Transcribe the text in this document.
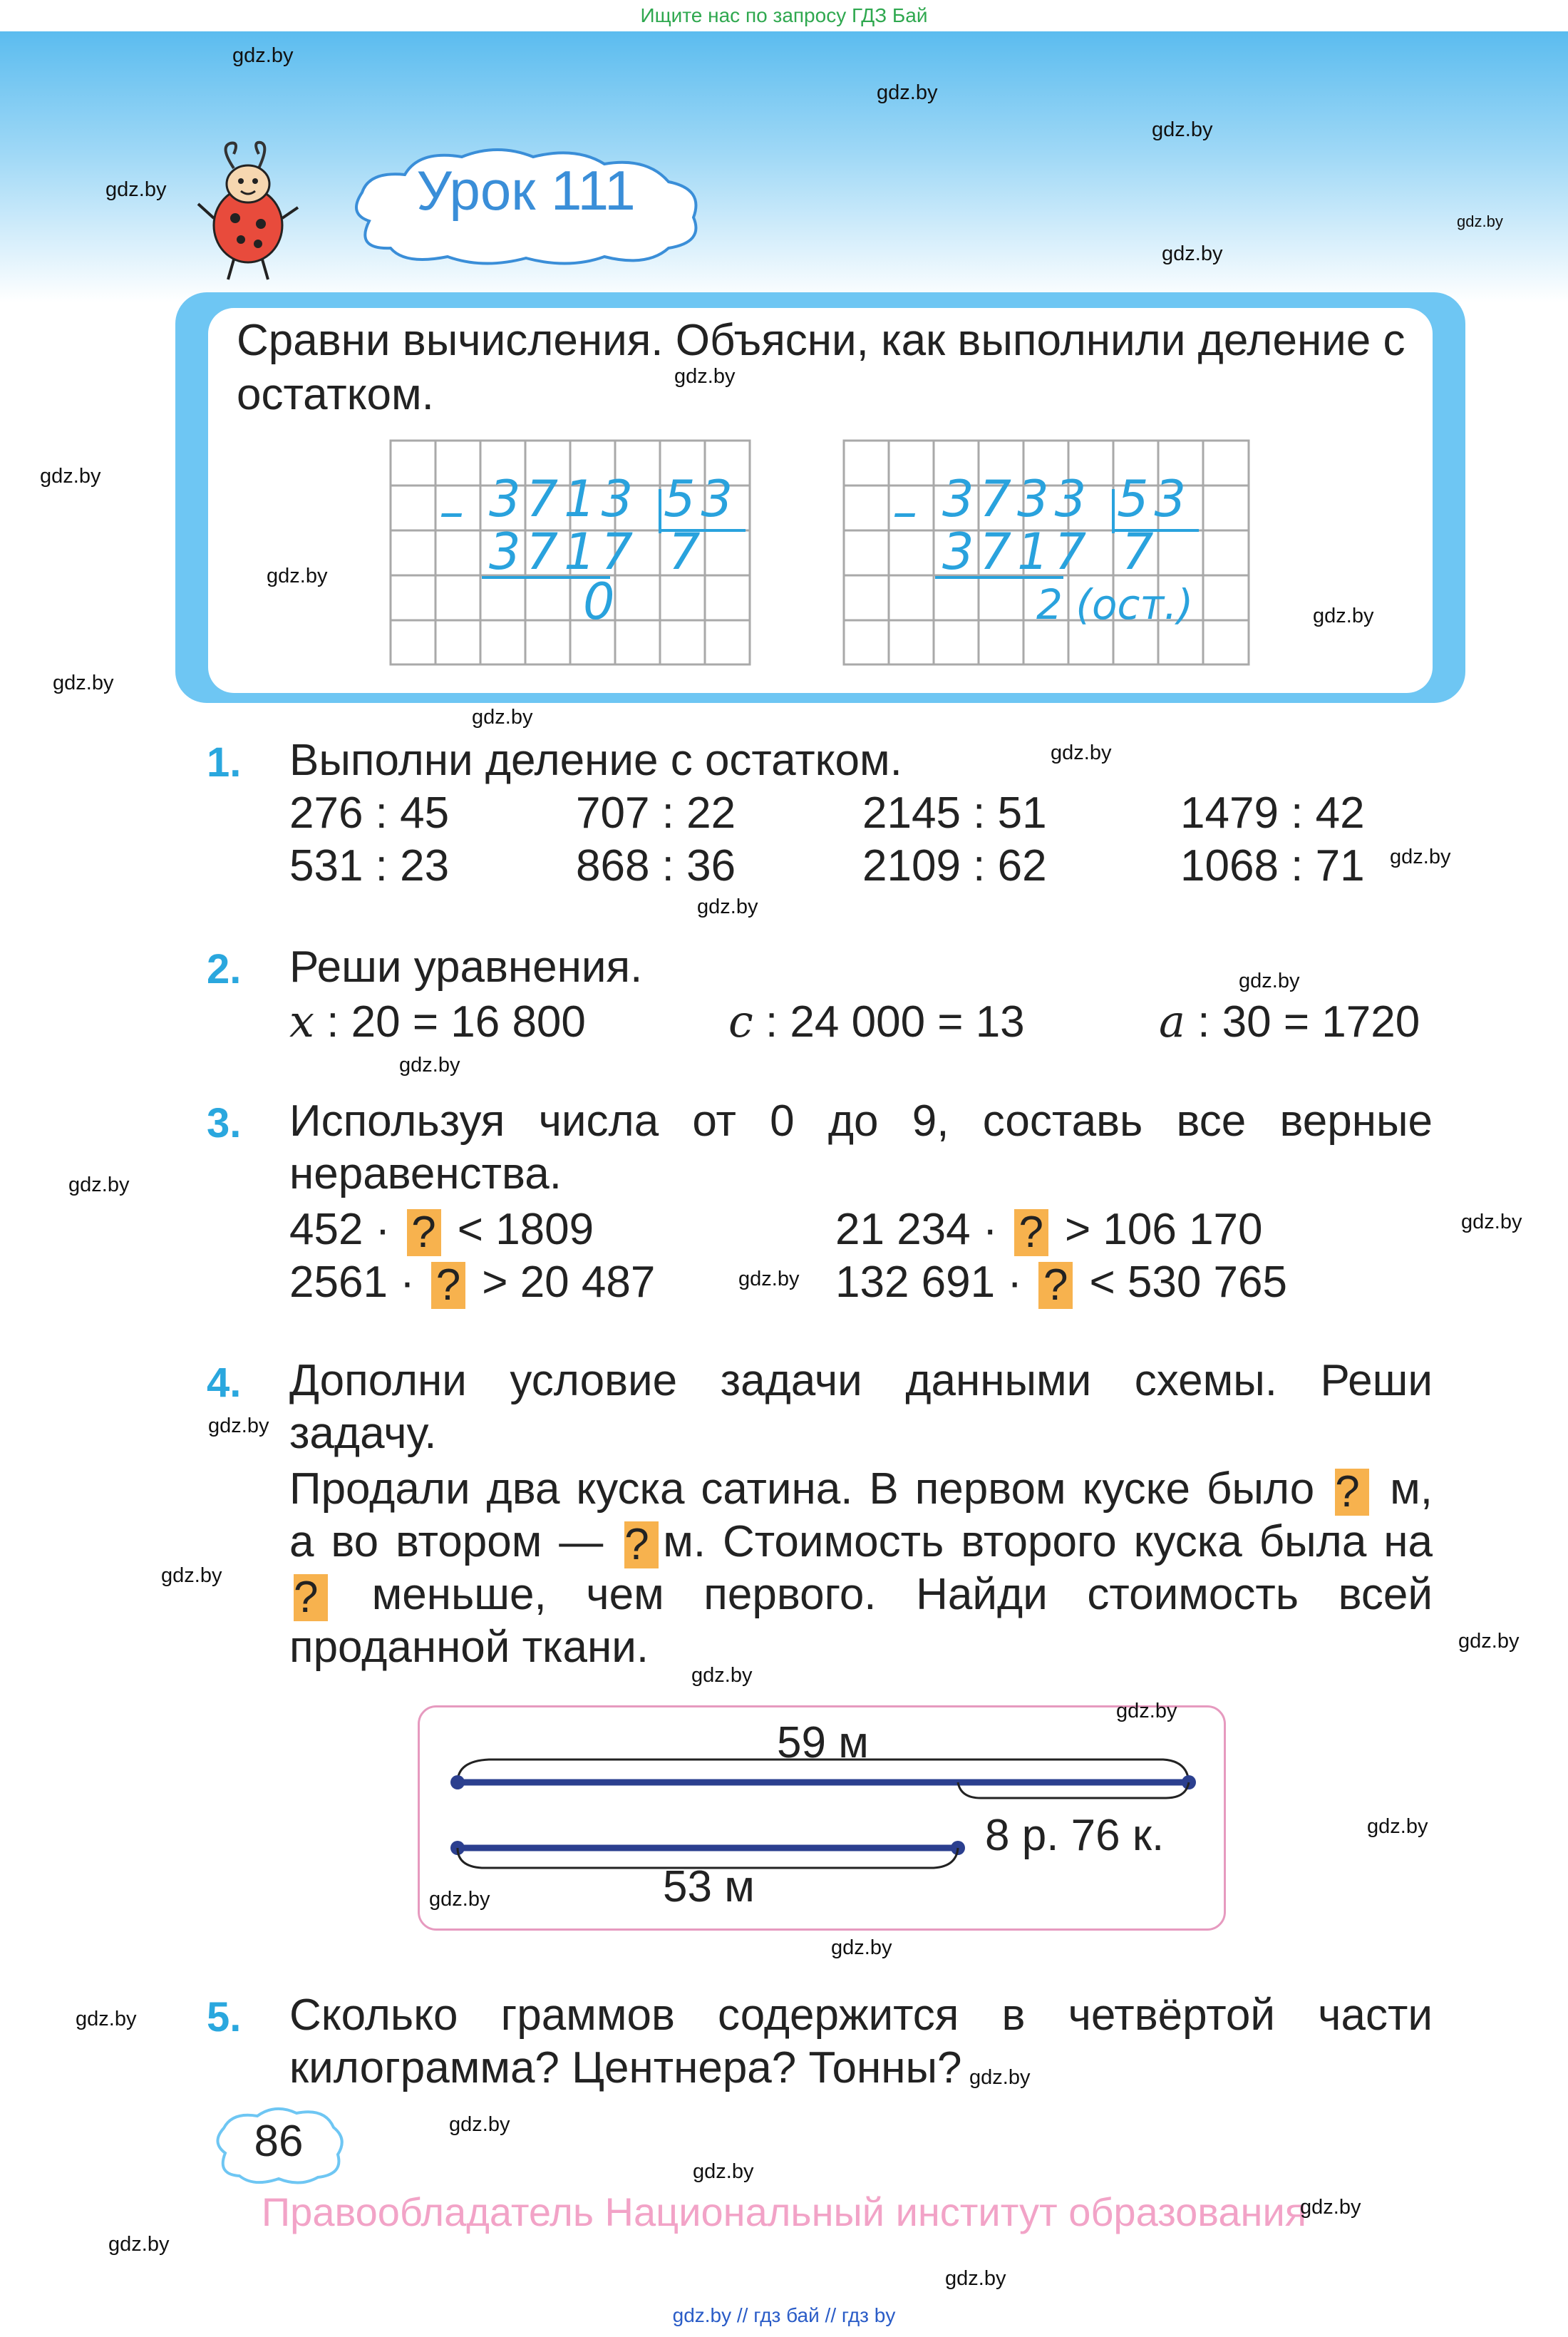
Ищите нас по запросу ГДЗ Бай
Урок 111
Сравни вычисления. Объясни, как выполнили деление с остатком.
– 3713 53
3717 7
0
– 3733 53
3717 7
2 (ост.)
1. Выполни деление с остатком.
276 : 45	707 : 22	2145 : 51	1479 : 42
531 : 23	868 : 36	2109 : 62	1068 : 71
2. Реши уравнения.
x : 20 = 16 800	c : 24 000 = 13	a : 30 = 1720
3. Используя числа от 0 до 9, составь все верные неравенства.
452 · ? < 1809	21 234 · ? > 106 170
2561 · ? > 20 487	132 691 · ? < 530 765
4. Дополни условие задачи данными схемы. Реши задачу.
Продали два куска сатина. В первом куске было ? м, а во втором — ? м. Стоимость второго куска была на ? меньше, чем первого. Найди стоимость всей проданной ткани.
59 м
8 р. 76 к.
53 м
5. Сколько граммов содержится в четвёртой части килограмма? Центнера? Тонны?
86
Правообладатель Национальный институт образования
gdz.by
gdz.by
gdz.by
gdz.by
gdz.by
gdz.by
gdz.by
gdz.by
gdz.by
gdz.by
gdz.by
gdz.by
gdz.by
gdz.by
gdz.by
gdz.by
gdz.by
gdz.by
gdz.by
gdz.by
gdz.by
gdz.by
gdz.by
gdz.by
gdz.by
gdz.by
gdz.by
gdz.by
gdz.by
gdz.by
gdz.by
gdz.by
gdz.by
gdz.by
gdz.by
gdz.by // гдз бай // гдз by
